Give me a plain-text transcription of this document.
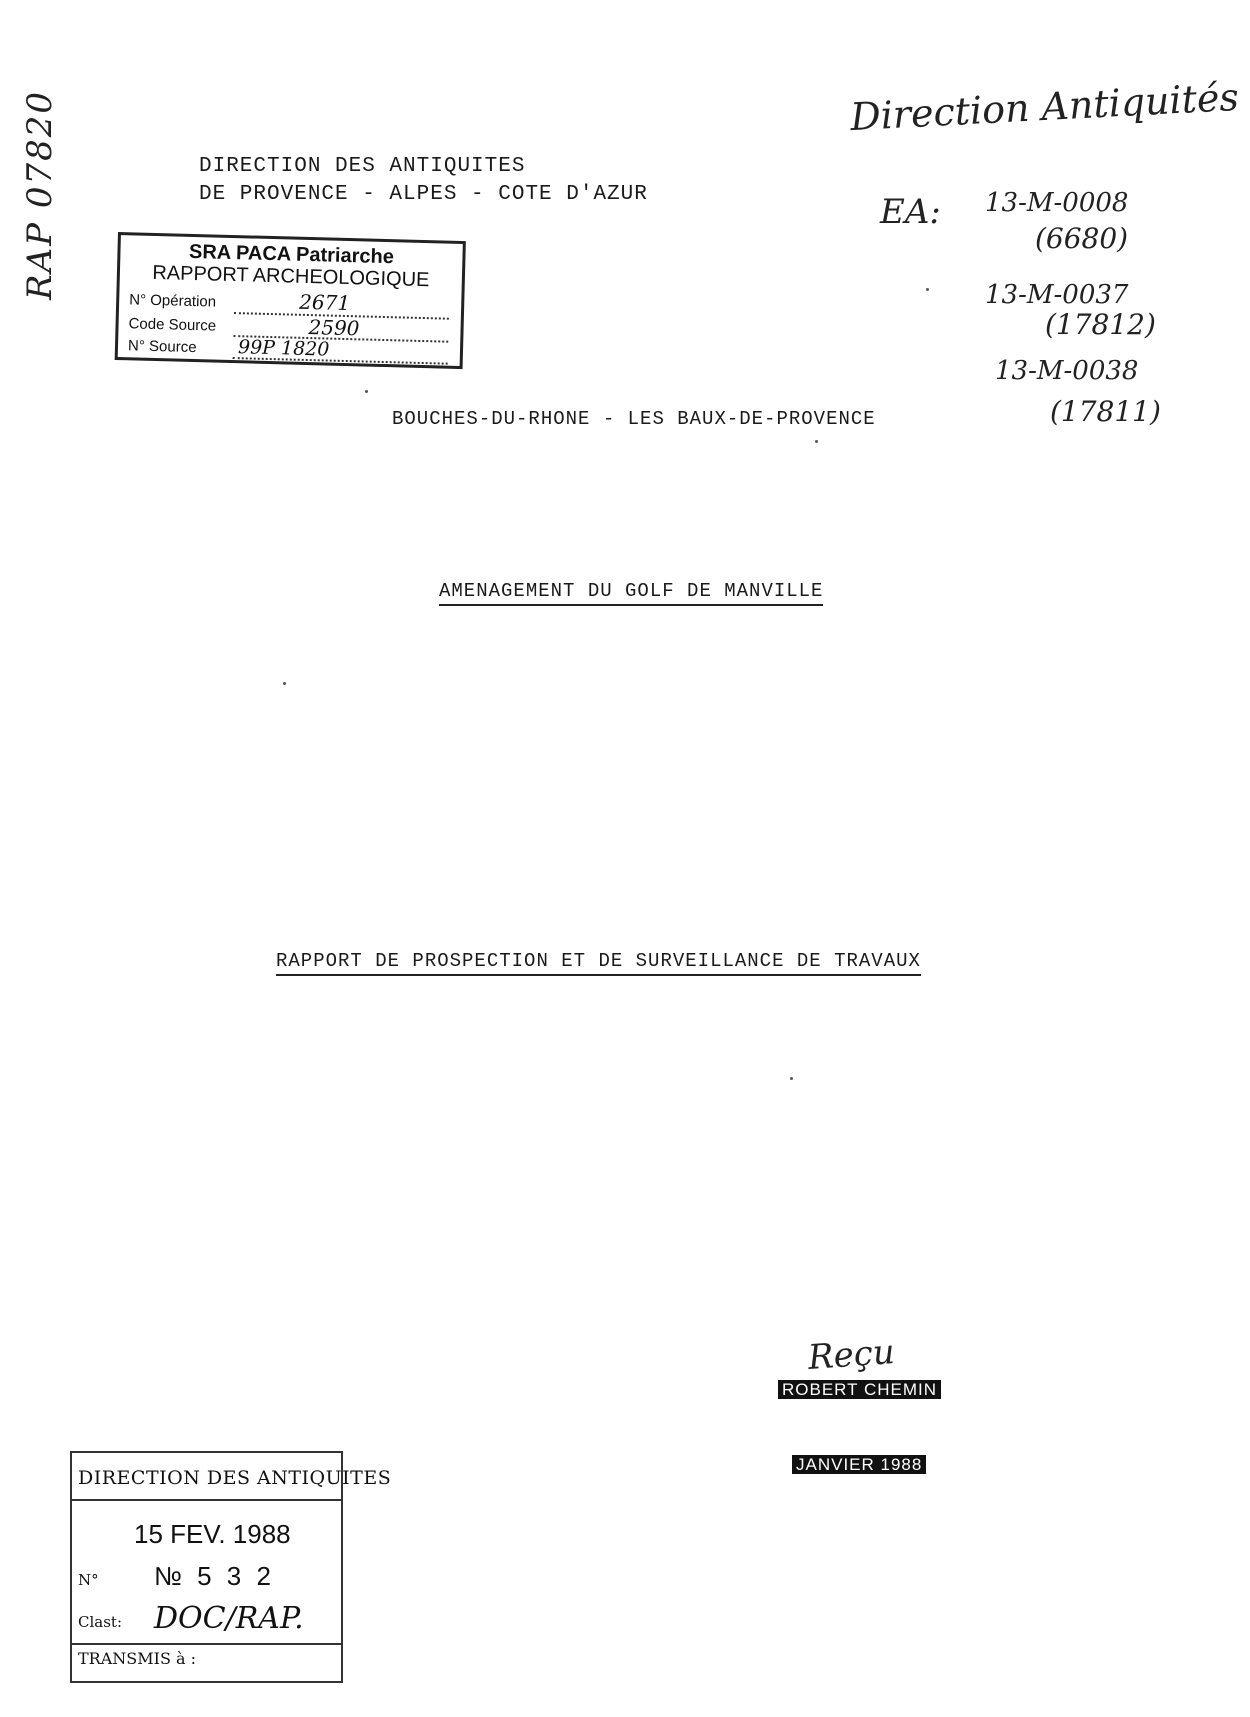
RAP 07820	DIRECTION DES ANTIQUITES
DE PROVENCE - ALPES - COTE D'AZUR
Direction Antiquités
EA: 13-M-0008
(6680)
13-M-0037
(17812)
13-M-0038
(17811)
SRA PACA Patriarche
RAPPORT ARCHEOLOGIQUE
N° Opération	2671
Code Source	2590
N° Source 99P 1820
BOUCHES-DU-RHONE - LES BAUX-DE-PROVENCE
AMENAGEMENT DU GOLF DE MANVILLE
RAPPORT DE PROSPECTION ET DE SURVEILLANCE DE TRAVAUX
Reçu
ROBERT CHEMIN
JANVIER 1988
DIRECTION DES ANTIQUITES
15 FEV. 1988
N° № 5 3 2
Clast: DOC/RAP.
TRANSMIS à :
